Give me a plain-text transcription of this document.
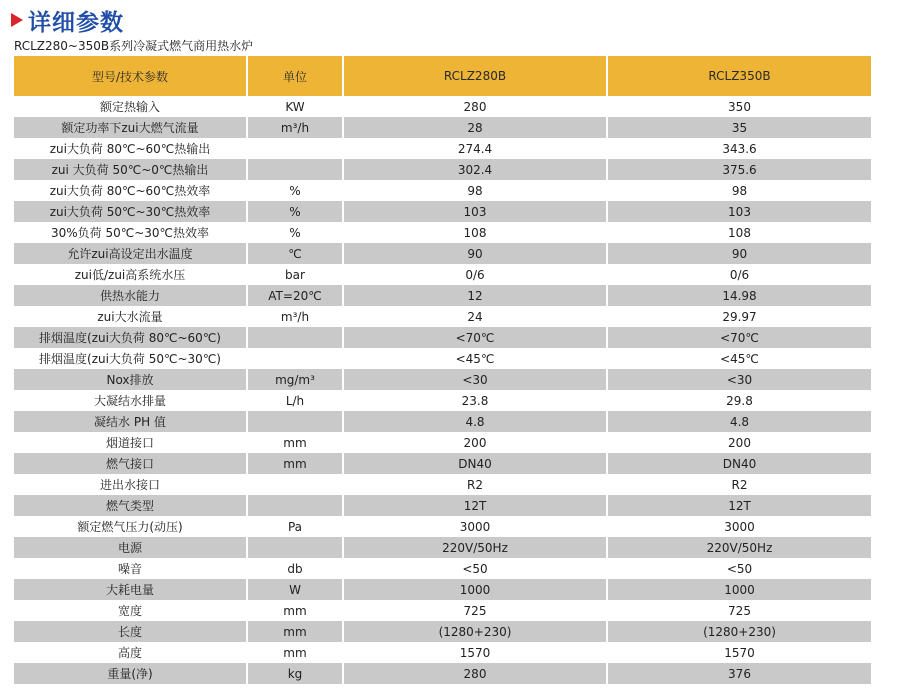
详细参数
RCLZ280~350B系列冷凝式燃气商用热水炉
型号/技术参数	单位	RCLZ280B	RCLZ350B
额定热输入	KW	280	350
额定功率下zui大燃气流量	m³/h	28	35
zui大负荷 80℃~60℃热输出		274.4	343.6
zui 大负荷 50℃~0℃热输出		302.4	375.6
zui大负荷 80℃~60℃热效率	%	98	98
zui大负荷 50℃~30℃热效率	%	103	103
30%负荷 50℃~30℃热效率	%	108	108
允许zui高设定出水温度	℃	90	90
zui低/zui高系统水压	bar	0/6	0/6
供热水能力	AT=20℃	12	14.98
zui大水流量	m³/h	24	29.97
排烟温度(zui大负荷 80℃~60℃)		<70℃	<70℃
排烟温度(zui大负荷 50℃~30℃)		<45℃	<45℃
Nox排放	mg/m³	<30	<30
大凝结水排量	L/h	23.8	29.8
凝结水 PH 值		4.8	4.8
烟道接口	mm	200	200
燃气接口	mm	DN40	DN40
进出水接口		R2	R2
燃气类型		12T	12T
额定燃气压力(动压)	Pa	3000	3000
电源		220V/50Hz	220V/50Hz
噪音	db	<50	<50
大耗电量	W	1000	1000
宽度	mm	725	725
长度	mm	(1280+230)	(1280+230)
高度	mm	1570	1570
重量(净)	kg	280	376
